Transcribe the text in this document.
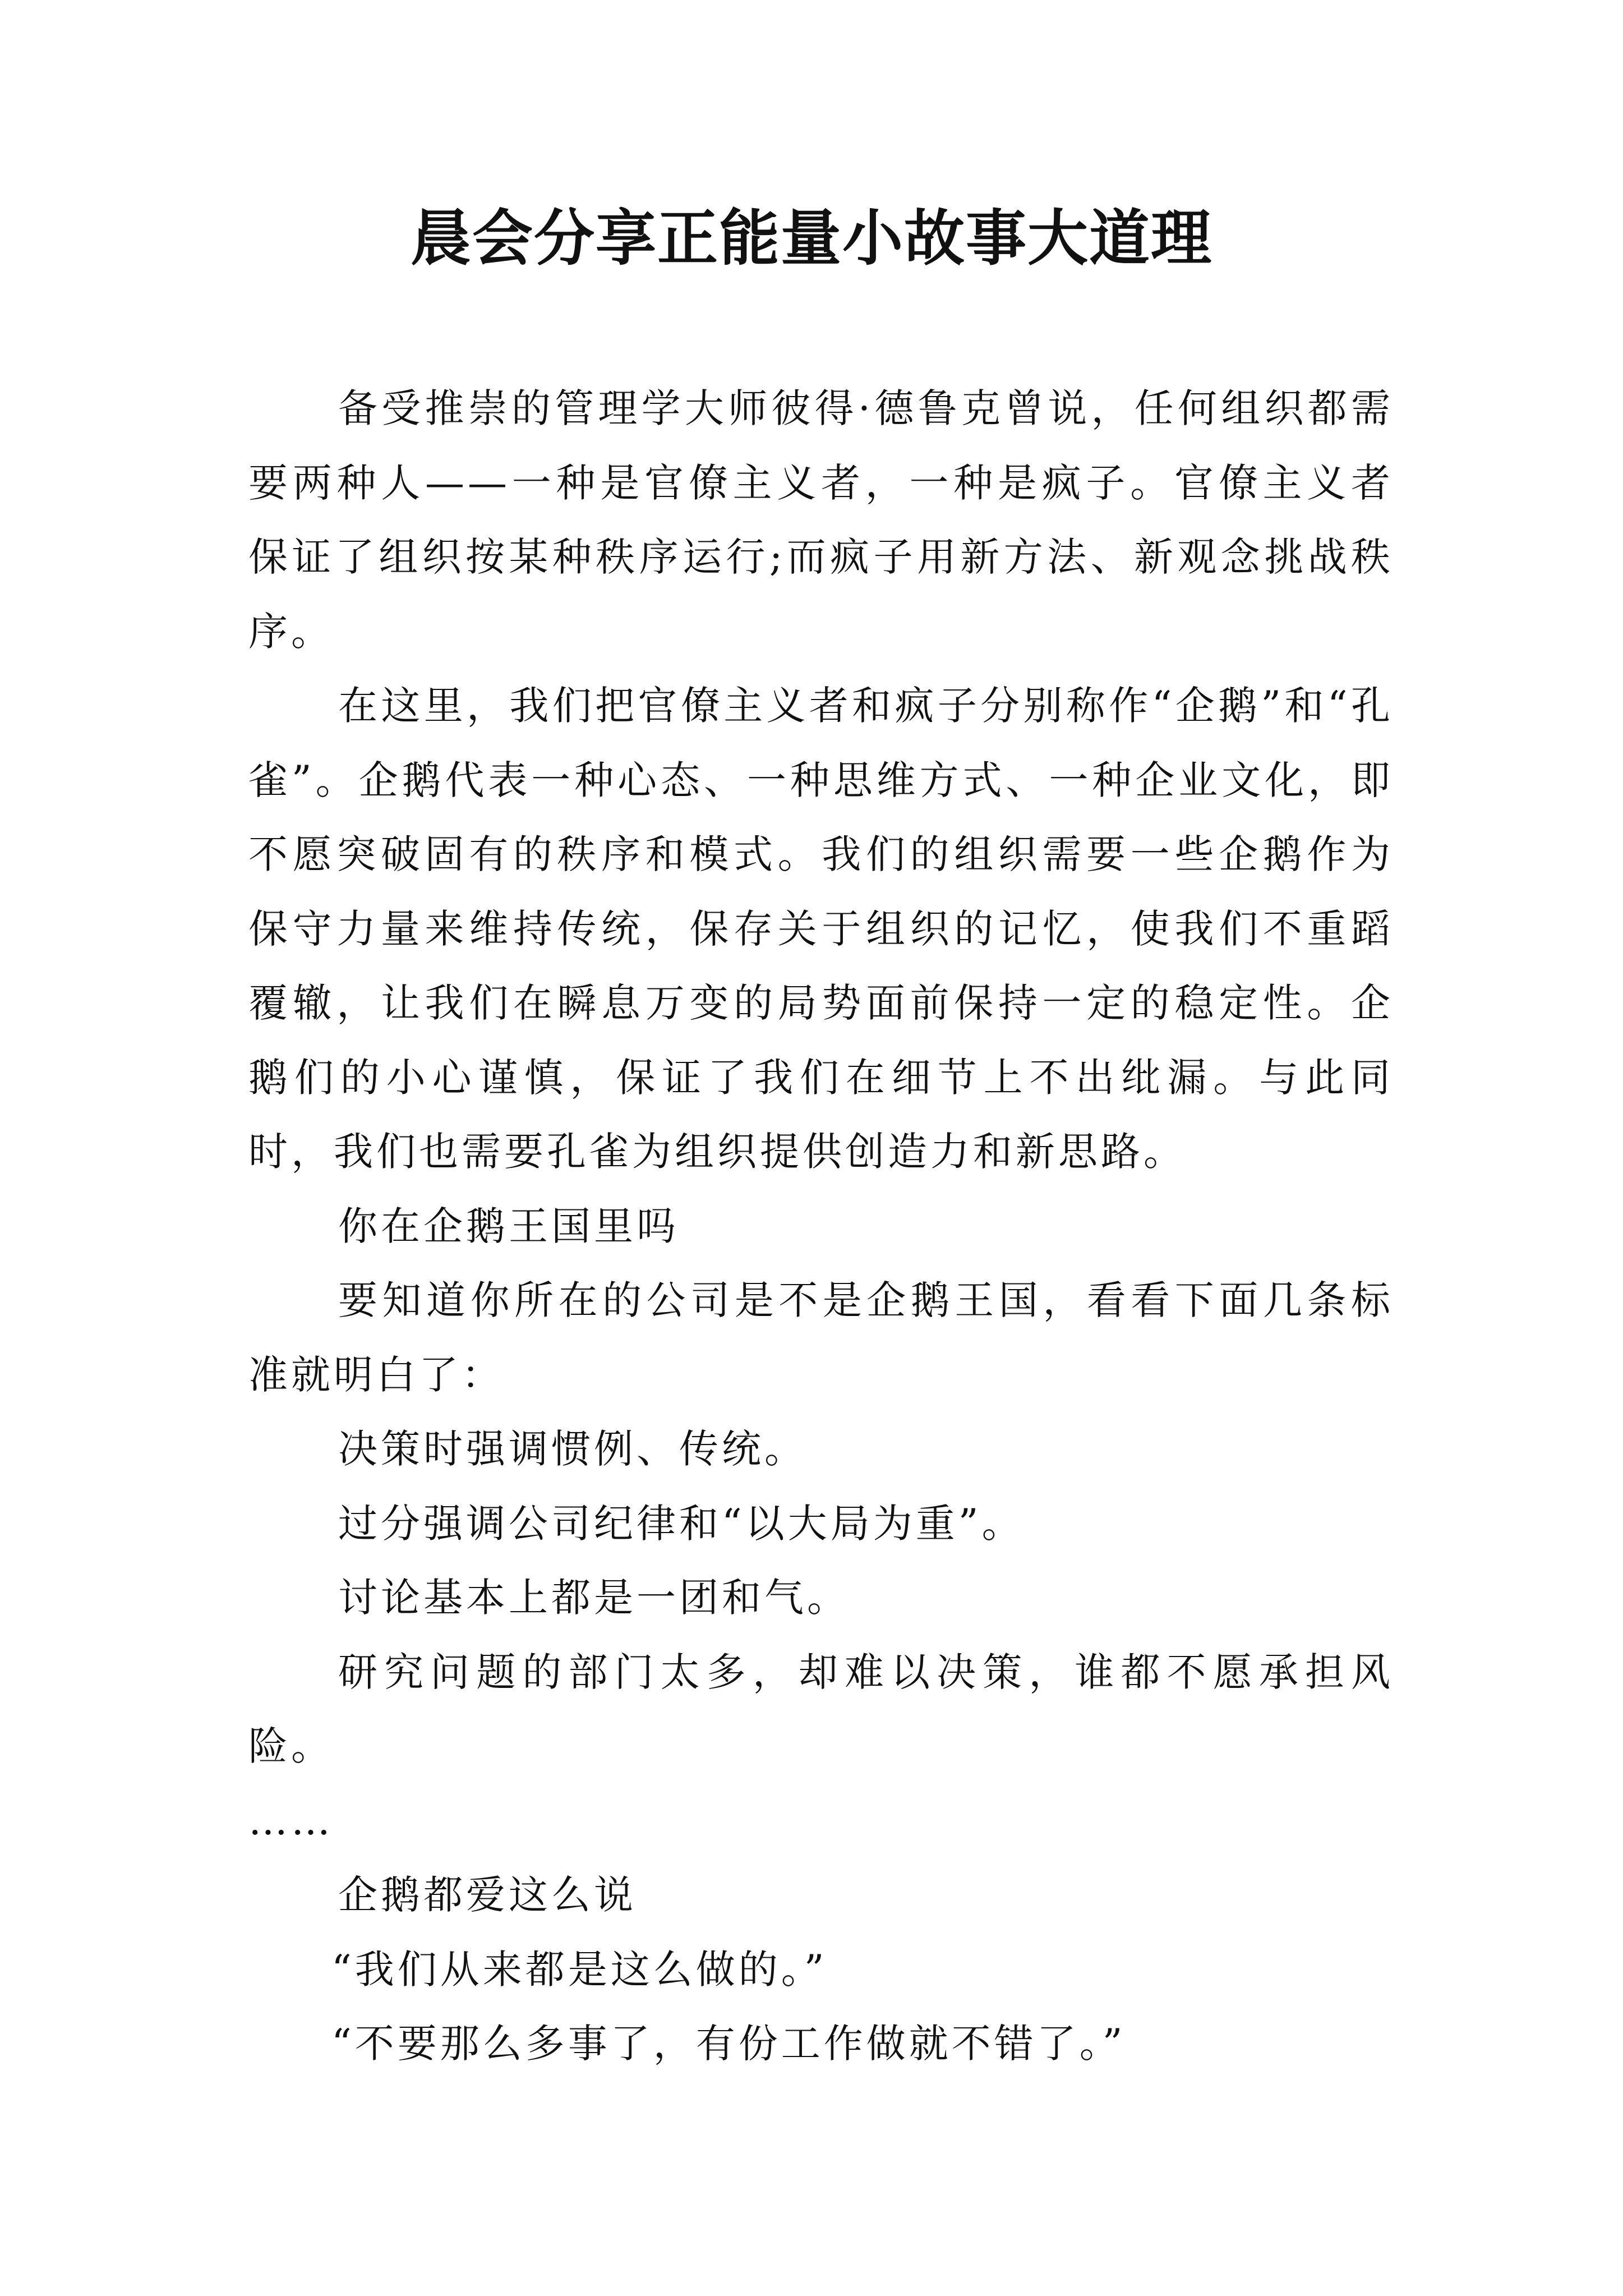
晨会分享正能量小故事大道理

备受推崇的管理学大师彼得·德鲁克曾说，任何组织都需要两种人——一种是官僚主义者，一种是疯子。官僚主义者保证了组织按某种秩序运行;而疯子用新方法、新观念挑战秩序。

在这里，我们把官僚主义者和疯子分别称作“企鹅”和“孔雀”。企鹅代表一种心态、一种思维方式、一种企业文化，即不愿突破固有的秩序和模式。我们的组织需要一些企鹅作为保守力量来维持传统，保存关于组织的记忆，使我们不重蹈覆辙，让我们在瞬息万变的局势面前保持一定的稳定性。企鹅们的小心谨慎，保证了我们在细节上不出纰漏。与此同时，我们也需要孔雀为组织提供创造力和新思路。

你在企鹅王国里吗

要知道你所在的公司是不是企鹅王国，看看下面几条标准就明白了：

决策时强调惯例、传统。

过分强调公司纪律和“以大局为重”。

讨论基本上都是一团和气。

研究问题的部门太多，却难以决策，谁都不愿承担风险。

……

企鹅都爱这么说

“我们从来都是这么做的。”

“不要那么多事了，有份工作做就不错了。”
